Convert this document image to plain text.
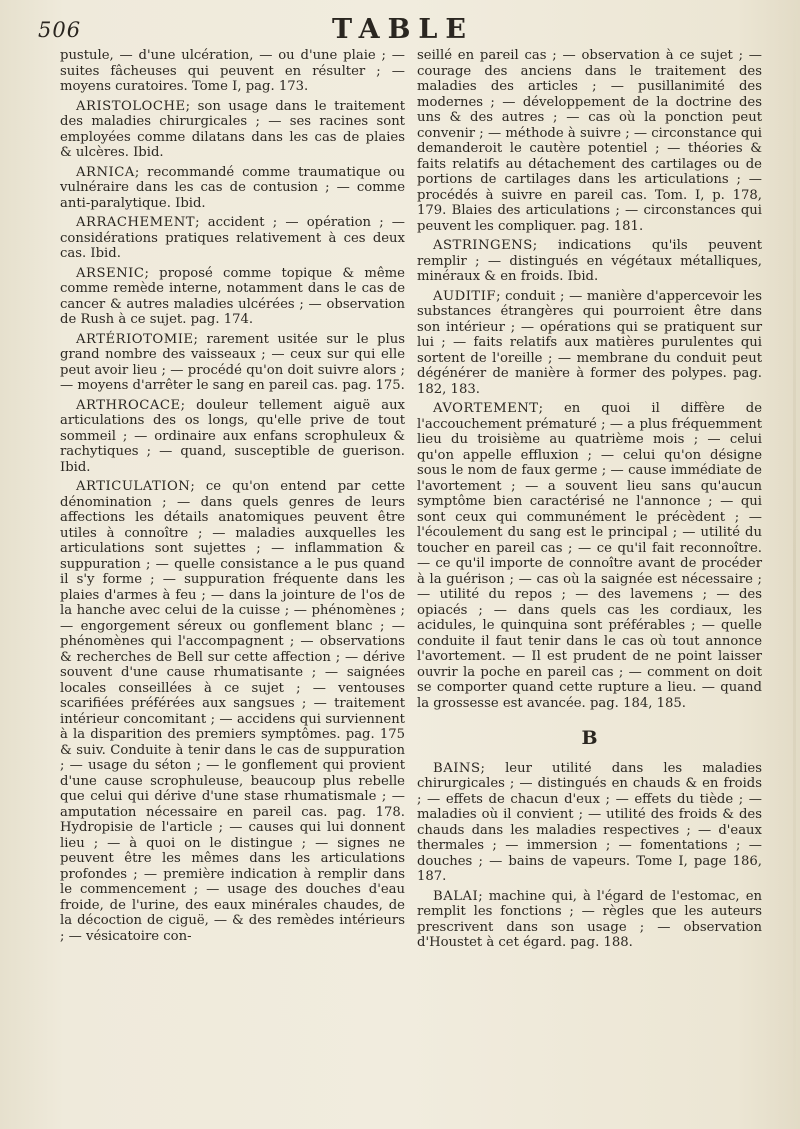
506	TABLE

pustule, — d'une ulcération, — ou d'une plaie ; — suites fâcheuses qui peuvent en résulter ; — moyens curatoires. Tome I, pag. 173.

ARISTOLOCHE; son usage dans le traitement des maladies chirurgicales ; — ses racines sont employées comme dilatans dans les cas de plaies & ulcères. Ibid.

ARNICA; recommandé comme traumatique ou vulnéraire dans les cas de contusion ; — comme anti-paralytique. Ibid.

ARRACHEMENT; accident ; — opération ; — considérations pratiques relativement à ces deux cas. Ibid.

ARSENIC; proposé comme topique & même comme remède interne, notamment dans le cas de cancer & autres maladies ulcérées ; — observation de Rush à ce sujet. pag. 174.

ARTÉRIOTOMIE; rarement usitée sur le plus grand nombre des vaisseaux ; — ceux sur qui elle peut avoir lieu ; — procédé qu'on doit suivre alors ; — moyens d'arrêter le sang en pareil cas. pag. 175.

ARTHROCACE; douleur tellement aiguë aux articulations des os longs, qu'elle prive de tout sommeil ; — ordinaire aux enfans scrophuleux & rachytiques ; — quand, susceptible de guerison. Ibid.

ARTICULATION; ce qu'on entend par cette dénomination ; — dans quels genres de leurs affections les détails anatomiques peuvent être utiles à connoître ; — maladies auxquelles les articulations sont sujettes ; — inflammation & suppuration ; — quelle consistance a le pus quand il s'y forme ; — suppuration fréquente dans les plaies d'armes à feu ; — dans la jointure de l'os de la hanche avec celui de la cuisse ; — phénomènes ; — engorgement séreux ou gonflement blanc ; — phénomènes qui l'accompagnent ; — observations & recherches de Bell sur cette affection ; — dérive souvent d'une cause rhumatisante ; — saignées locales conseillées à ce sujet ; — ventouses scarifiées préférées aux sangsues ; — traitement intérieur concomitant ; — accidens qui surviennent à la disparition des premiers symptômes. pag. 175 & suiv. Conduite à tenir dans le cas de suppuration ; — usage du séton ; — le gonflement qui provient d'une cause scrophuleuse, beaucoup plus rebelle que celui qui dérive d'une stase rhumatismale ; — amputation nécessaire en pareil cas. pag. 178. Hydropisie de l'article ; — causes qui lui donnent lieu ; — à quoi on le distingue ; — signes ne peuvent être les mêmes dans les articulations profondes ; — première indication à remplir dans le commencement ; — usage des douches d'eau froide, de l'urine, des eaux minérales chaudes, de la décoction de ciguë, — & des remèdes intérieurs ; — vésicatoire con-

seillé en pareil cas ; — observation à ce sujet ; — courage des anciens dans le traitement des maladies des articles ; — pusillanimité des modernes ; — développement de la doctrine des uns & des autres ; — cas où la ponction peut convenir ; — méthode à suivre ; — circonstance qui demanderoit le cautère potentiel ; — théories & faits relatifs au détachement des cartilages ou de portions de cartilages dans les articulations ; — procédés à suivre en pareil cas. Tom. I, p. 178, 179. Blaies des articulations ; — circonstances qui peuvent les compliquer. pag. 181.

ASTRINGENS; indications qu'ils peuvent remplir ; — distingués en végétaux métalliques, minéraux & en froids. Ibid.

AUDITIF; conduit ; — manière d'appercevoir les substances étrangères qui pourroient être dans son intérieur ; — opérations qui se pratiquent sur lui ; — faits relatifs aux matières purulentes qui sortent de l'oreille ; — membrane du conduit peut dégénérer de manière à former des polypes. pag. 182, 183.

AVORTEMENT; en quoi il diffère de l'accouchement prématuré ; — a plus fréquemment lieu du troisième au quatrième mois ; — celui qu'on appelle effluxion ; — celui qu'on désigne sous le nom de faux germe ; — cause immédiate de l'avortement ; — a souvent lieu sans qu'aucun symptôme bien caractérisé ne l'annonce ; — qui sont ceux qui communément le précèdent ; — l'écoulement du sang est le principal ; — utilité du toucher en pareil cas ; — ce qu'il fait reconnoître. — ce qu'il importe de connoître avant de procéder à la guérison ; — cas où la saignée est nécessaire ; — utilité du repos ; — des lavemens ; — des opiacés ; — dans quels cas les cordiaux, les acidules, le quinquina sont préférables ; — quelle conduite il faut tenir dans le cas où tout annonce l'avortement. — Il est prudent de ne point laisser ouvrir la poche en pareil cas ; — comment on doit se comporter quand cette rupture a lieu. — quand la grossesse est avancée. pag. 184, 185.

B

BAINS; leur utilité dans les maladies chirurgicales ; — distingués en chauds & en froids ; — effets de chacun d'eux ; — effets du tiède ; — maladies où il convient ; — utilité des froids & des chauds dans les maladies respectives ; — d'eaux thermales ; — immersion ; — fomentations ; — douches ; — bains de vapeurs. Tome I, page 186, 187.

BALAI; machine qui, à l'égard de l'estomac, en remplit les fonctions ; — règles que les auteurs prescrivent dans son usage ; — observation d'Houstet à cet égard. pag. 188.
